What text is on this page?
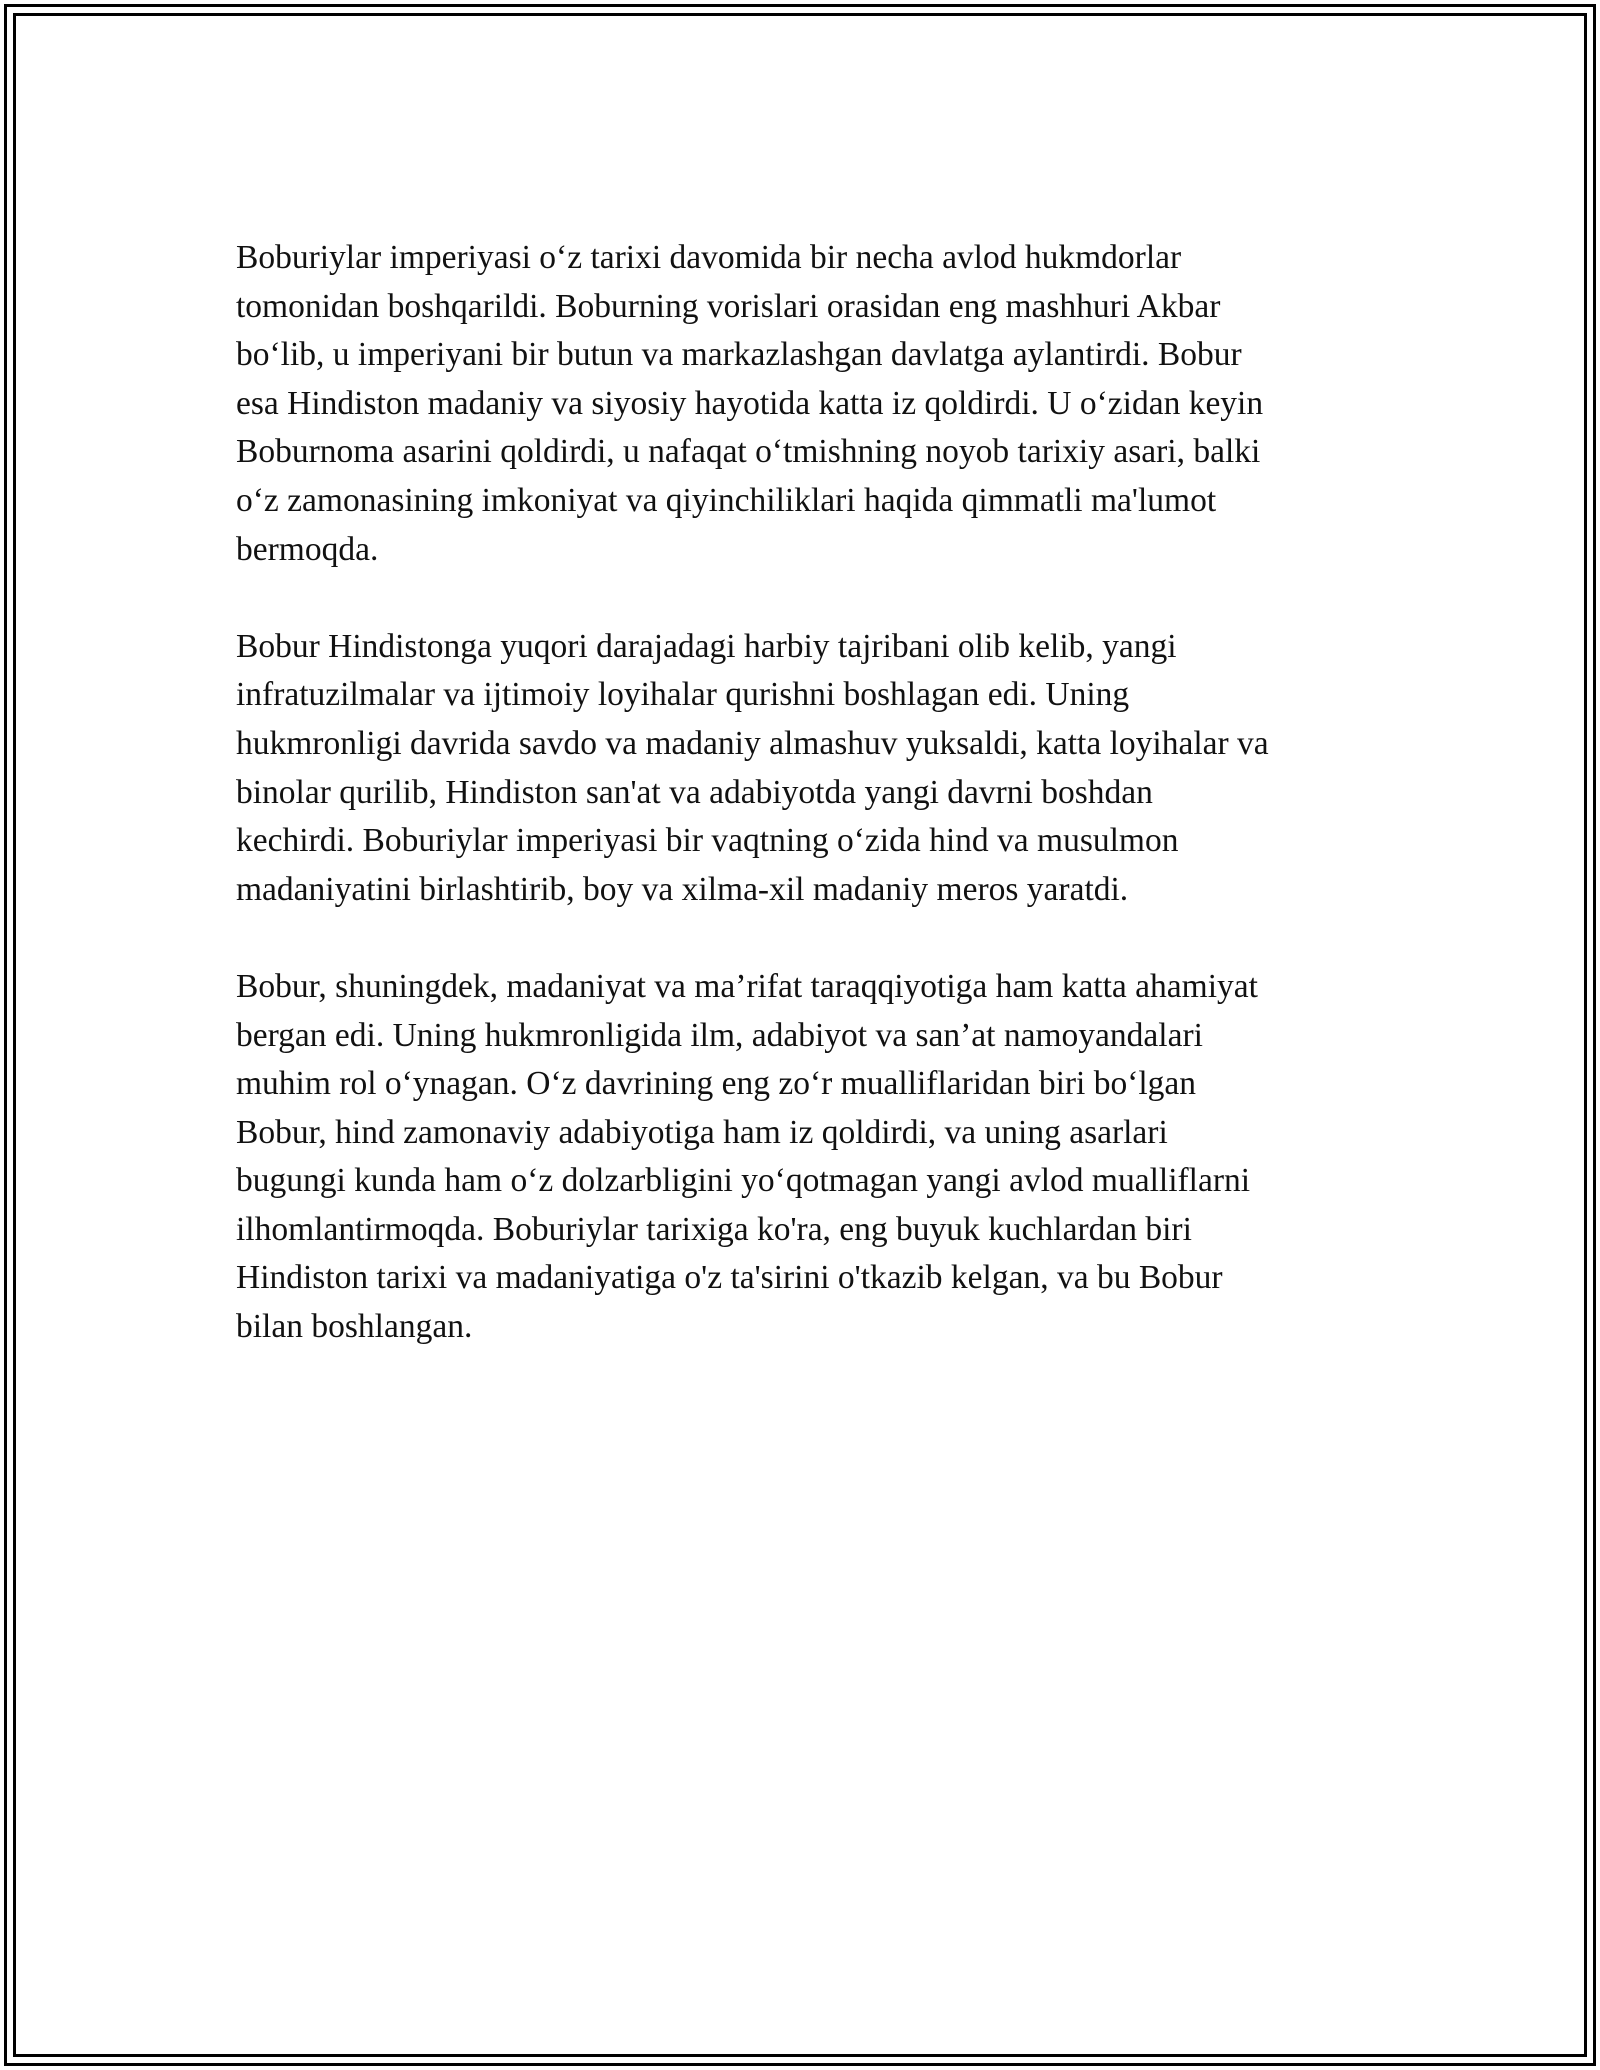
Boburiylar imperiyasi o‘z tarixi davomida bir necha avlod hukmdorlar
tomonidan boshqarildi. Boburning vorislari orasidan eng mashhuri Akbar
bo‘lib, u imperiyani bir butun va markazlashgan davlatga aylantirdi. Bobur
esa Hindiston madaniy va siyosiy hayotida katta iz qoldirdi. U o‘zidan keyin
Boburnoma asarini qoldirdi, u nafaqat o‘tmishning noyob tarixiy asari, balki
o‘z zamonasining imkoniyat va qiyinchiliklari haqida qimmatli ma'lumot
bermoqda.

Bobur Hindistonga yuqori darajadagi harbiy tajribani olib kelib, yangi
infratuzilmalar va ijtimoiy loyihalar qurishni boshlagan edi. Uning
hukmronligi davrida savdo va madaniy almashuv yuksaldi, katta loyihalar va
binolar qurilib, Hindiston san'at va adabiyotda yangi davrni boshdan
kechirdi. Boburiylar imperiyasi bir vaqtning o‘zida hind va musulmon
madaniyatini birlashtirib, boy va xilma-xil madaniy meros yaratdi.

Bobur, shuningdek, madaniyat va ma’rifat taraqqiyotiga ham katta ahamiyat
bergan edi. Uning hukmronligida ilm, adabiyot va san’at namoyandalari
muhim rol o‘ynagan. O‘z davrining eng zo‘r mualliflaridan biri bo‘lgan
Bobur, hind zamonaviy adabiyotiga ham iz qoldirdi, va uning asarlari
bugungi kunda ham o‘z dolzarbligini yo‘qotmagan yangi avlod mualliflarni
ilhomlantirmoqda. Boburiylar tarixiga ko'ra, eng buyuk kuchlardan biri
Hindiston tarixi va madaniyatiga o'z ta'sirini o'tkazib kelgan, va bu Bobur
bilan boshlangan.
